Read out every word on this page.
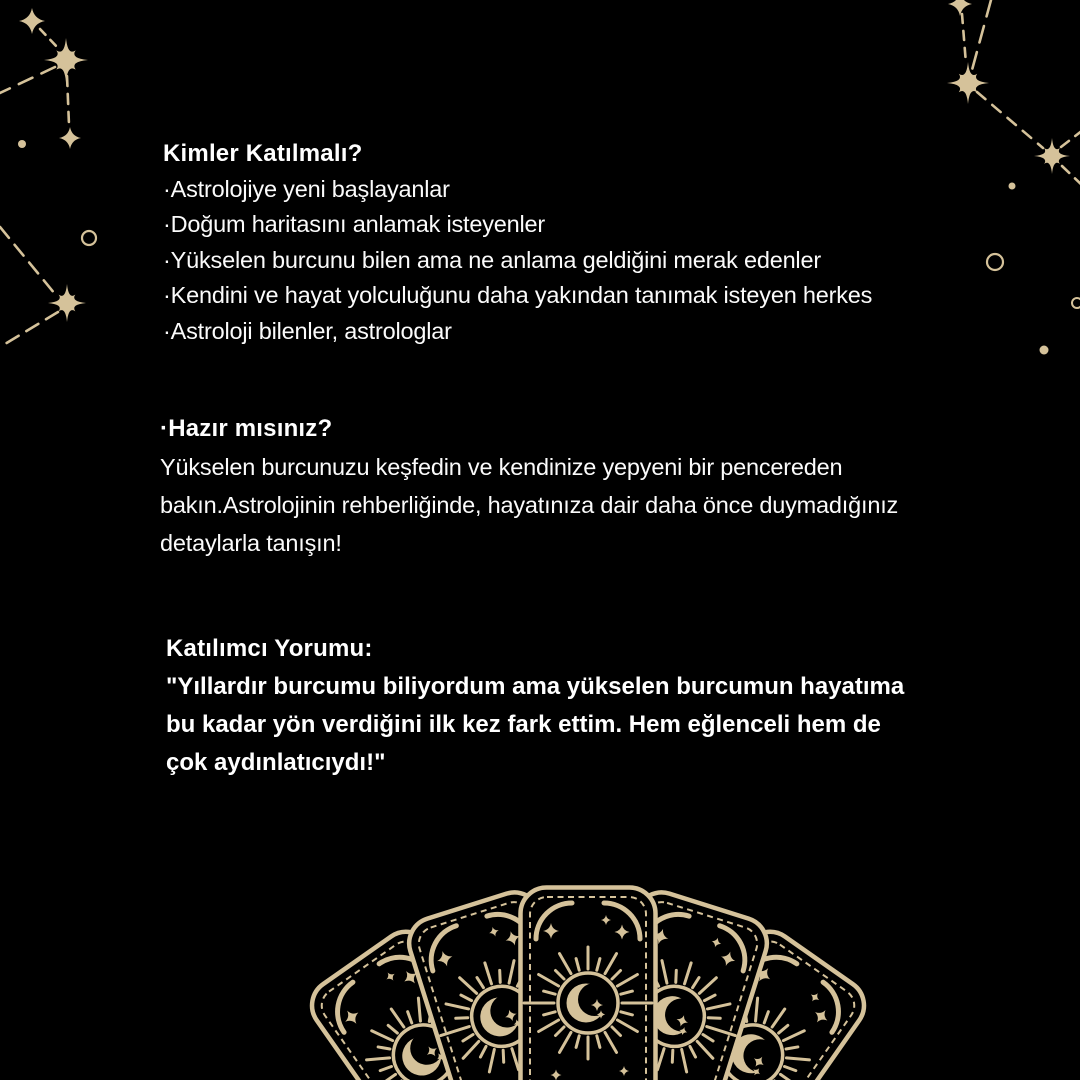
Kimler Katılmalı?
·Astrolojiye yeni başlayanlar
·Doğum haritasını anlamak isteyenler
·Yükselen burcunu bilen ama ne anlama geldiğini merak edenler
·Kendini ve hayat yolculuğunu daha yakından tanımak isteyen herkes
·Astroloji bilenler, astrologlar
·Hazır mısınız?
Yükselen burcunuzu keşfedin ve kendinize yepyeni bir pencereden
bakın.Astrolojinin rehberliğinde, hayatınıza dair daha önce duymadığınız
detaylarla tanışın!
Katılımcı Yorumu:
"Yıllardır burcumu biliyordum ama yükselen burcumun hayatıma
bu kadar yön verdiğini ilk kez fark ettim. Hem eğlenceli hem de
çok aydınlatıcıydı!"
